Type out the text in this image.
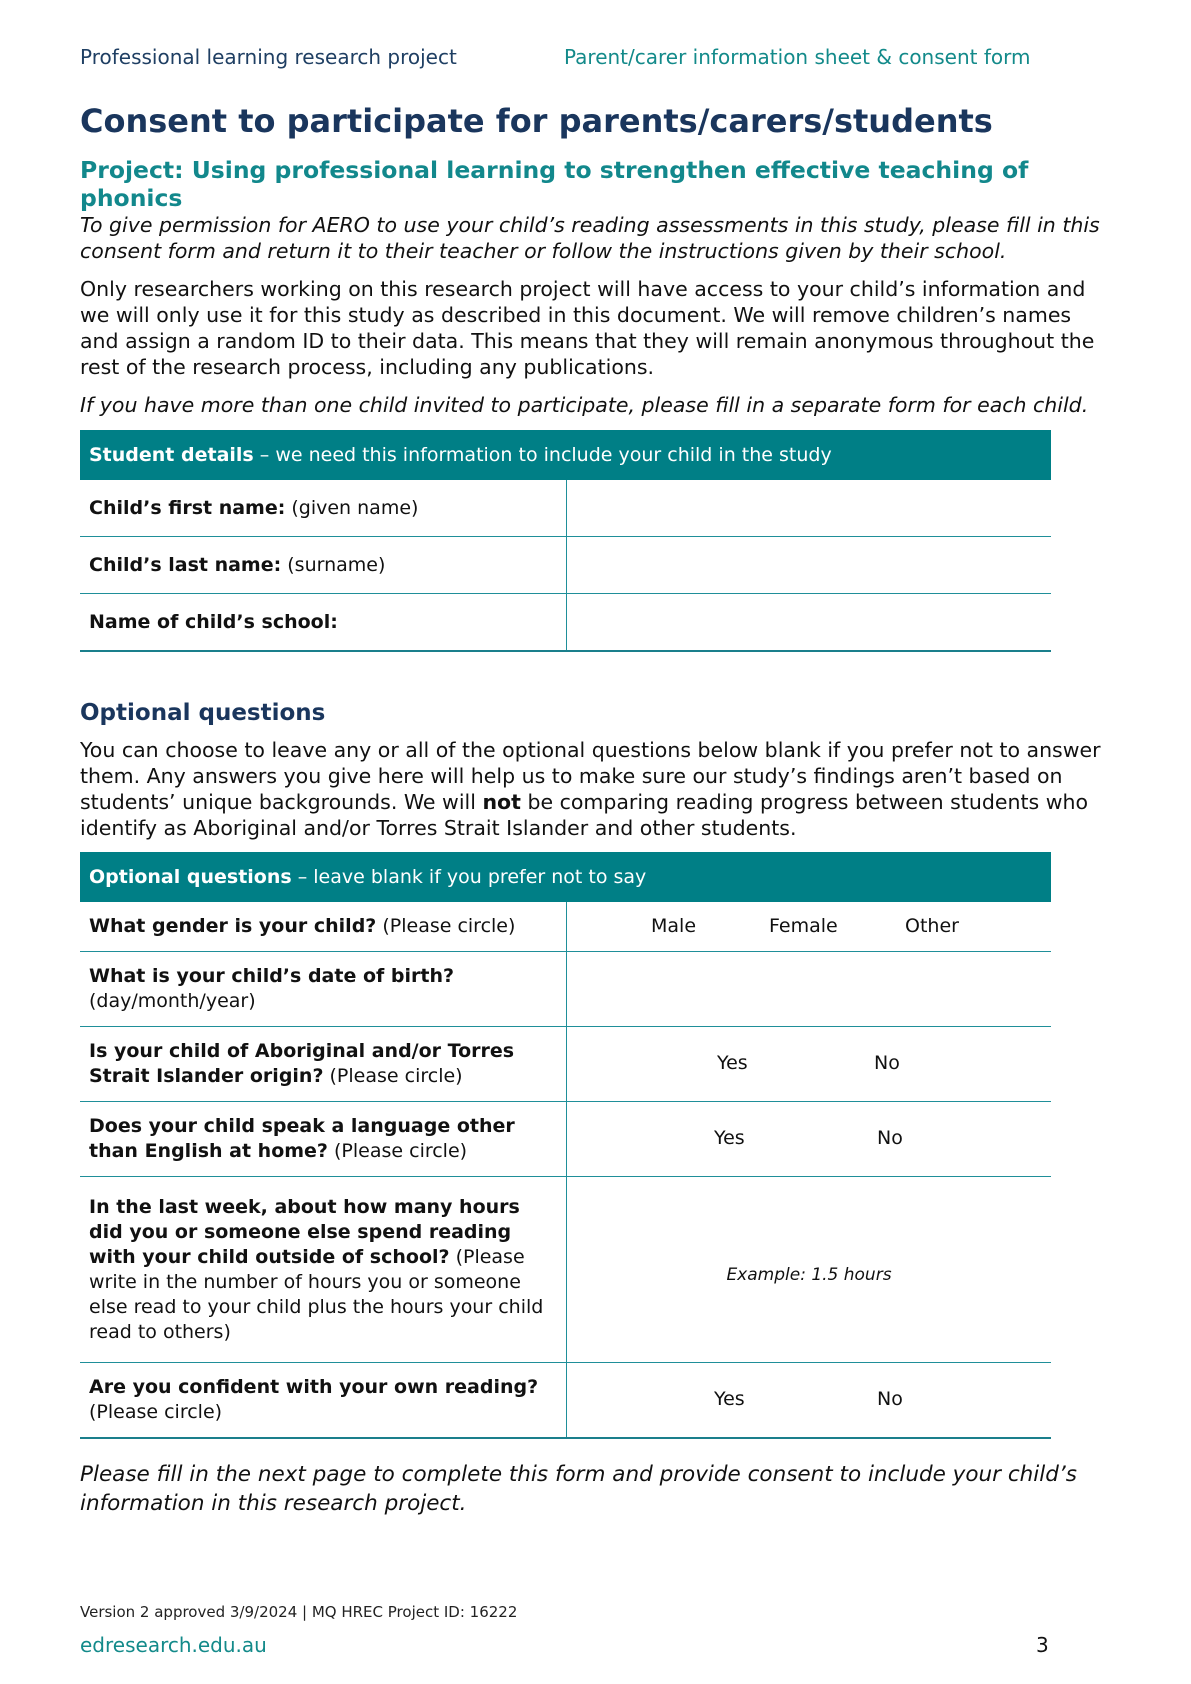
Professional learning research project	Parent/carer information sheet & consent form
Consent to participate for parents/carers/students
Project: Using professional learning to strengthen effective teaching of phonics

To give permission for AERO to use your child’s reading assessments in this study, please fill in this consent form and return it to their teacher or follow the instructions given by their school.

Only researchers working on this research project will have access to your child’s information and we will only use it for this study as described in this document. We will remove children’s names and assign a random ID to their data. This means that they will remain anonymous throughout the rest of the research process, including any publications.

If you have more than one child invited to participate, please fill in a separate form for each child.

Student details – we need this information to include your child in the study	
Child’s first name: (given name)	
Child’s last name: (surname)	
Name of child’s school:	
Optional questions

You can choose to leave any or all of the optional questions below blank if you prefer not to answer them. Any answers you give here will help us to make sure our study’s findings aren’t based on students’ unique backgrounds. We will not be comparing reading progress between students who identify as Aboriginal and/or Torres Strait Islander and other students.

Optional questions – leave blank if you prefer not to say	
What gender is your child? (Please circle)	Male Female Other

What is your child’s date of birth?
(day/month/year)	
Is your child of Aboriginal and/or Torres Strait Islander origin? (Please circle)	Yes No

Does your child speak a language other than English at home? (Please circle)	Yes No

In the last week, about how many hours did you or someone else spend reading with your child outside of school? (Please write in the number of hours you or someone else read to your child plus the hours your child read to others)	Example: 1.5 hours
Are you confident with your own reading?
(Please circle)	Yes No

Please fill in the next page to complete this form and provide consent to include your child’s information in this research project.

Version 2 approved 3/9/2024 | MQ HREC Project ID: 16222
edresearch.edu.au	3
